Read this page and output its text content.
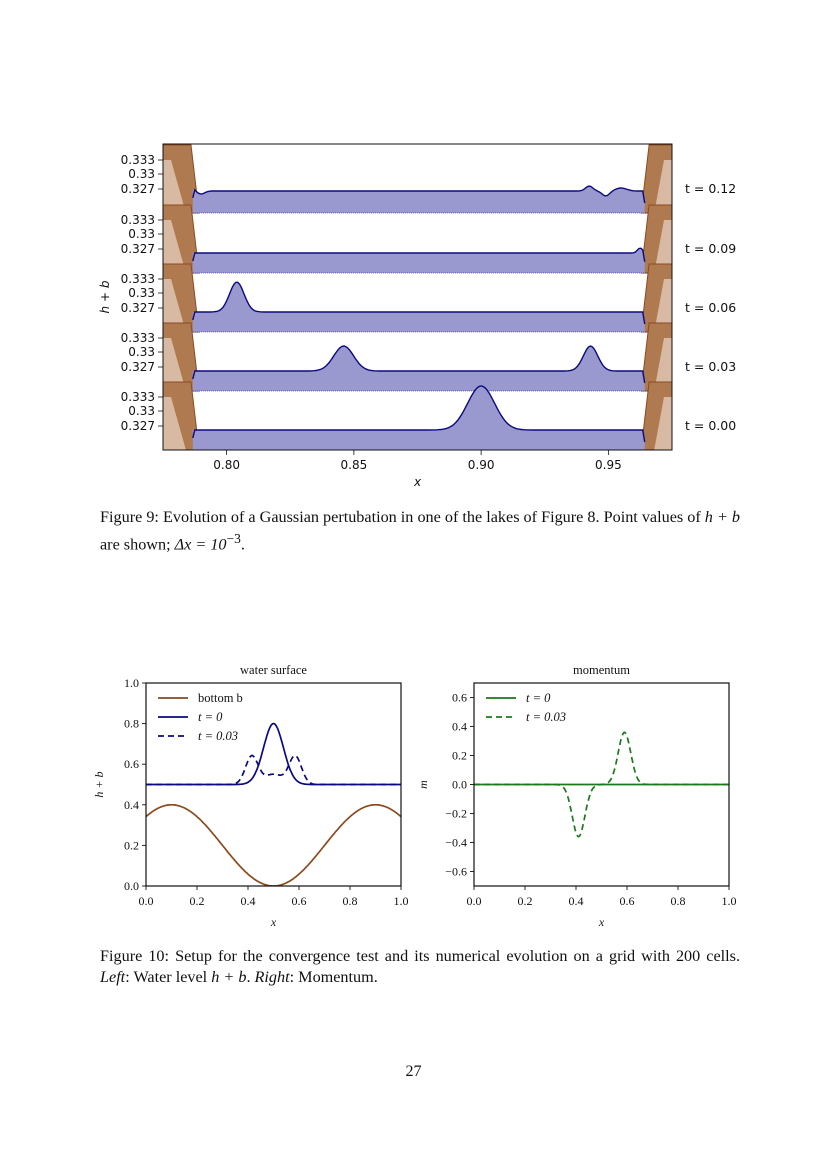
t = 0.12
0.333
0.33
0.327
t = 0.09
0.333
0.33
0.327
t = 0.06
0.333
0.33
0.327
t = 0.03
0.333
0.33
0.327
t = 0.00
0.333
0.33
0.327
0.80	0.85	0.90	0.95
x
h + b
Figure 9: Evolution of a Gaussian pertubation in one of the lakes of Figure 8. Point values of h + b are shown; $\Delta x = 10^{-3}$.
water surface
0.0	0.2	0.4	0.6	0.8	1.0
0.0
0.2
0.4
0.6
0.8
1.0
x
h + b
bottom b
t = 0
t = 0.03
momentum
0.0	0.2	0.4	0.6	0.8	1.0
0.6
0.4
0.2
0.0
−0.2
−0.4
−0.6
x
m
t = 0
t = 0.03
Figure 10: Setup for the convergence test and its numerical evolution on a grid with 200 cells. Left: Water level h + b. Right: Momentum.
27
